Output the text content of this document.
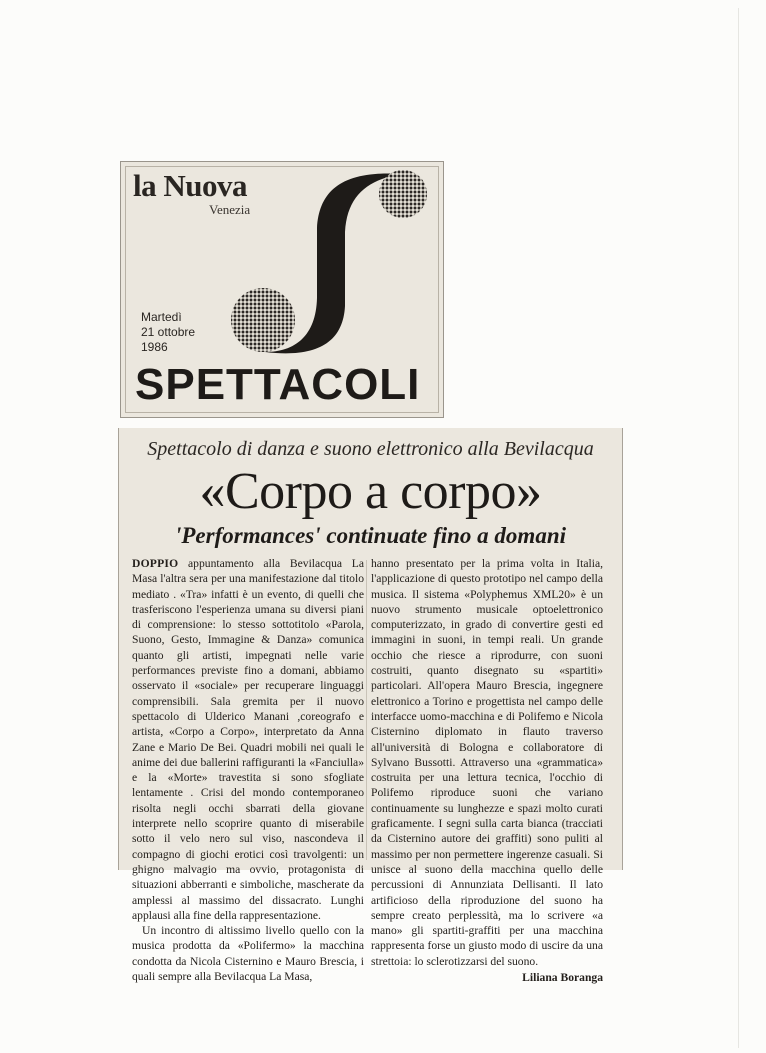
la Nuova
Venezia
Martedì
21 ottobre
1986
SPETTACOLI
Spettacolo di danza e suono elettronico alla Bevilacqua
«Corpo a corpo»
'Performances' continuate fino a domani

DOPPIO appuntamento alla Bevilacqua La Masa l'altra sera per una manifestazione dal titolo mediato . «Tra» infatti è un evento, di quelli che trasferiscono l'esperienza umana su diversi piani di comprensione: lo stesso sottotitolo «Parola, Suono, Gesto, Immagine & Danza» comunica quanto gli artisti, impegnati nelle varie performances previste fino a domani, abbiamo osservato il «sociale» per recuperare linguaggi comprensibili. Sala gremita per il nuovo spettacolo di Ulderico Manani ,coreografo e artista, «Corpo a Corpo», interpretato da Anna Zane e Mario De Bei. Quadri mobili nei quali le anime dei due ballerini raffiguranti la «Fanciulla» e la «Morte» travestita si sono sfogliate lentamente . Crisi del mondo contemporaneo risolta negli occhi sbarrati della giovane interprete nello scoprire quanto di miserabile sotto il velo nero sul viso, nascondeva il compagno di giochi erotici così travolgenti: un ghigno malvagio ma ovvio, protagonista di situazioni abberranti e simboliche, mascherate da amplessi al massimo del dissacrato. Lunghi applausi alla fine della rappresentazione.

Un incontro di altissimo livello quello con la musica prodotta da «Polifermo» la macchina condotta da Nicola Cisternino e Mauro Brescia, i quali sempre alla Bevilacqua La Masa,

hanno presentato per la prima volta in Italia, l'applicazione di questo prototipo nel campo della musica. Il sistema «Polyphemus XML20» è un nuovo strumento musicale optoelettronico computerizzato, in grado di convertire gesti ed immagini in suoni, in tempi reali. Un grande occhio che riesce a riprodurre, con suoni costruiti, quanto disegnato su «spartiti» particolari. All'opera Mauro Brescia, ingegnere elettronico a Torino e progettista nel campo delle interfacce uomo-macchina e di Polifemo e Nicola Cisternino diplomato in flauto traverso all'università di Bologna e collaboratore di Sylvano Bussotti. Attraverso una «grammatica» costruita per una lettura tecnica, l'occhio di Polifemo riproduce suoni che variano continuamente su lunghezze e spazi molto curati graficamente. I segni sulla carta bianca (tracciati da Cisternino autore dei graffiti) sono puliti al massimo per non permettere ingerenze casuali. Si unisce al suono della macchina quello delle percussioni di Annunziata Dellisanti. Il lato artificioso della riproduzione del suono ha sempre creato perplessità, ma lo scrivere «a mano» gli spartiti-graffiti per una macchina rappresenta forse un giusto modo di uscire da una strettoia: lo sclerotizzarsi del suono.

Liliana Boranga
